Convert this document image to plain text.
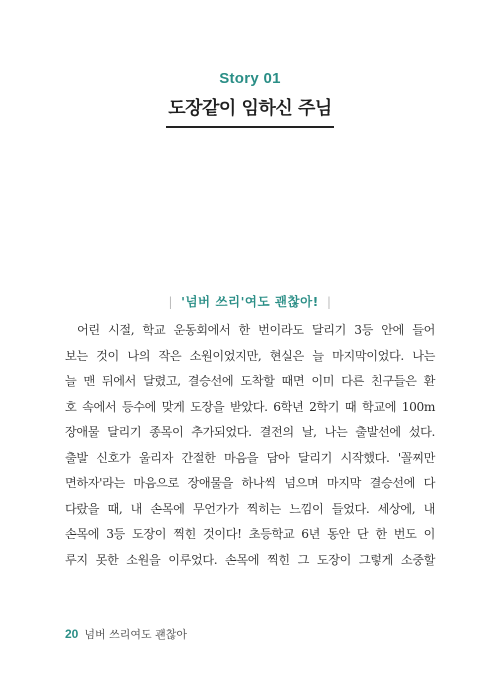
Story 01
도장같이 임하신 주님
| '넘버 쓰리'여도 괜찮아! |
어린 시절, 학교 운동회에서 한 번이라도 달리기 3등 안에 들어
보는 것이 나의 작은 소원이었지만, 현실은 늘 마지막이었다. 나는
늘 맨 뒤에서 달렸고, 결승선에 도착할 때면 이미 다른 친구들은 환
호 속에서 등수에 맞게 도장을 받았다. 6학년 2학기 때 학교에 100m
장애물 달리기 종목이 추가되었다. 결전의 날, 나는 출발선에 섰다.
출발 신호가 울리자 간절한 마음을 담아 달리기 시작했다. '꼴찌만
면하자'라는 마음으로 장애물을 하나씩 넘으며 마지막 결승선에 다
다랐을 때, 내 손목에 무언가가 찍히는 느낌이 들었다. 세상에, 내
손목에 3등 도장이 찍힌 것이다! 초등학교 6년 동안 단 한 번도 이
루지 못한 소원을 이루었다. 손목에 찍힌 그 도장이 그렇게 소중할
20 넘버 쓰리여도 괜찮아
